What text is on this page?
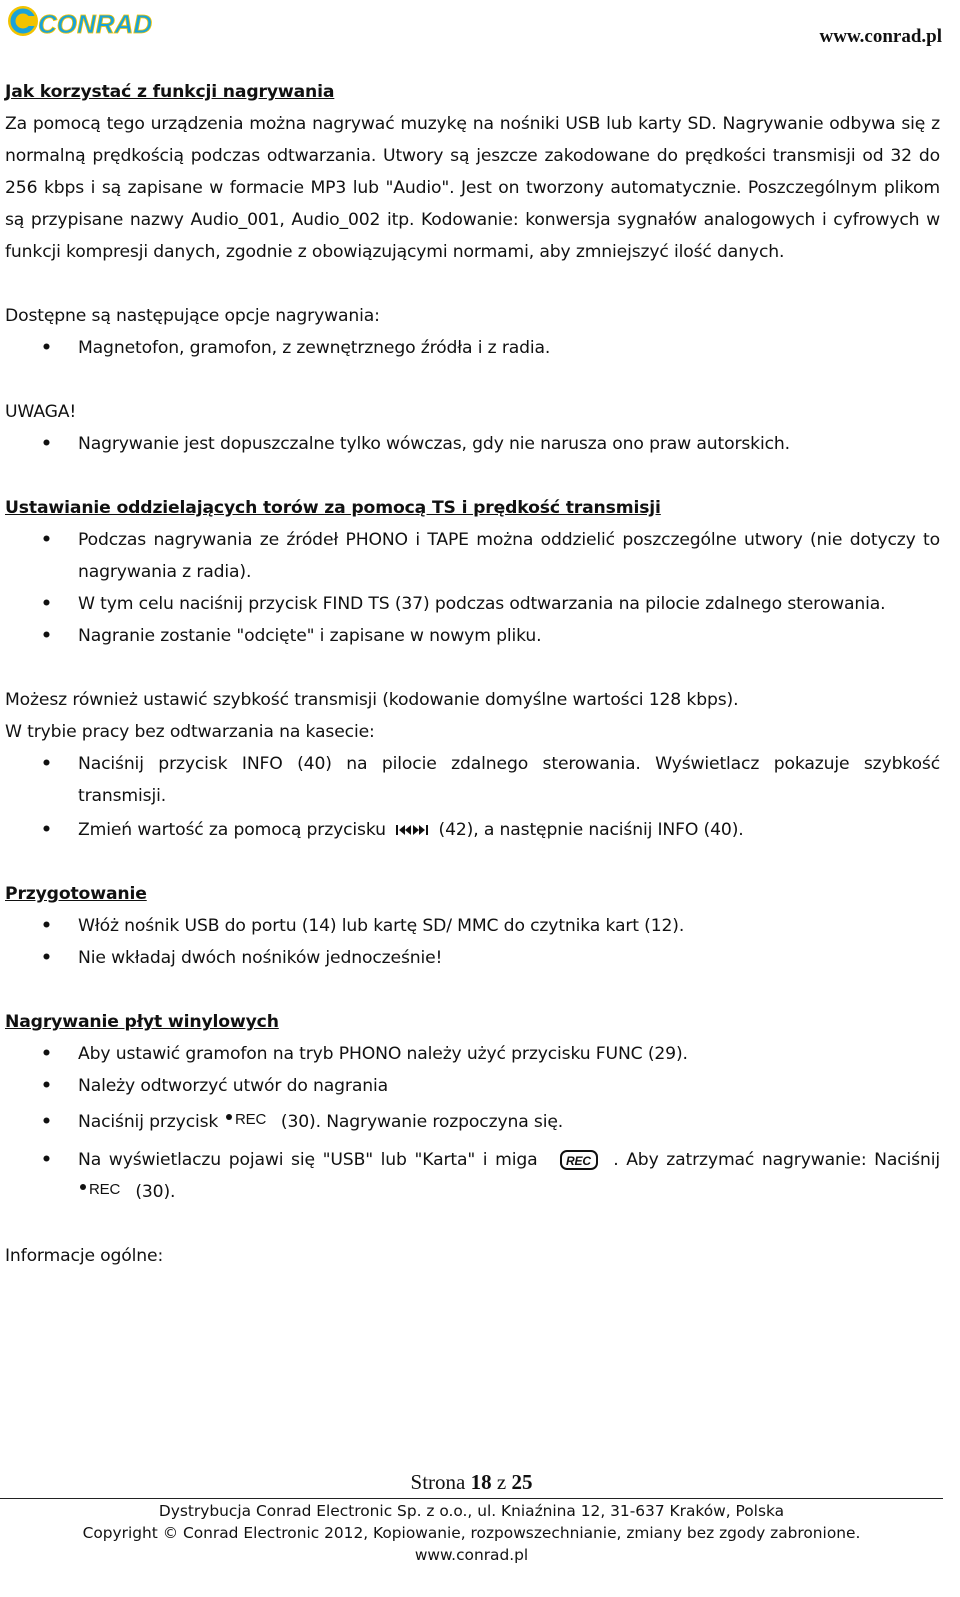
CONRAD	www.conrad.pl

Jak korzystać z funkcji nagrywania

Za pomocą tego urządzenia można nagrywać muzykę na nośniki USB lub karty SD. Nagrywanie odbywa się z normalną prędkością podczas odtwarzania. Utwory są jeszcze zakodowane do prędkości transmisji od 32 do 256 kbps i są zapisane w formacie MP3 lub "Audio". Jest on tworzony automatycznie. Poszczególnym plikom są przypisane nazwy Audio_001, Audio_002 itp. Kodowanie: konwersja sygnałów analogowych i cyfrowych w funkcji kompresji danych, zgodnie z obowiązującymi normami, aby zmniejszyć ilość danych.

Dostępne są następujące opcje nagrywania:

• Magnetofon, gramofon, z zewnętrznego źródła i z radia.

UWAGA!

• Nagrywanie jest dopuszczalne tylko wówczas, gdy nie narusza ono praw autorskich.

Ustawianie oddzielających torów za pomocą TS i prędkość transmisji

• Podczas nagrywania ze źródeł PHONO i TAPE można oddzielić poszczególne utwory (nie dotyczy to nagrywania z radia).
• W tym celu naciśnij przycisk FIND TS (37) podczas odtwarzania na pilocie zdalnego sterowania.
• Nagranie zostanie "odcięte" i zapisane w nowym pliku.

Możesz również ustawić szybkość transmisji (kodowanie domyślne wartości 128 kbps).

W trybie pracy bez odtwarzania na kasecie:

• Naciśnij przycisk INFO (40) na pilocie zdalnego sterowania. Wyświetlacz pokazuje szybkość transmisji.
• Zmień wartość za pomocą przycisku	(42), a następnie naciśnij INFO (40).

Przygotowanie

• Włóż nośnik USB do portu (14) lub kartę SD/ MMC do czytnika kart (12).
• Nie wkładaj dwóch nośników jednocześnie!

Nagrywanie płyt winylowych

• Aby ustawić gramofon na tryb PHONO należy użyć przycisku FUNC (29).
• Należy odtworzyć utwór do nagrania
• Naciśnij przycisk REC (30). Nagrywanie rozpoczyna się.
• Na wyświetlaczu pojawi się "USB" lub "Karta" i miga REC . Aby zatrzymać nagrywanie: Naciśnij
REC (30).

Informacje ogólne:

Strona 18 z 25
Dystrybucja Conrad Electronic Sp. z o.o., ul. Kniaźnina 12, 31-637 Kraków, Polska
Copyright © Conrad Electronic 2012, Kopiowanie, rozpowszechnianie, zmiany bez zgody zabronione.
www.conrad.pl
